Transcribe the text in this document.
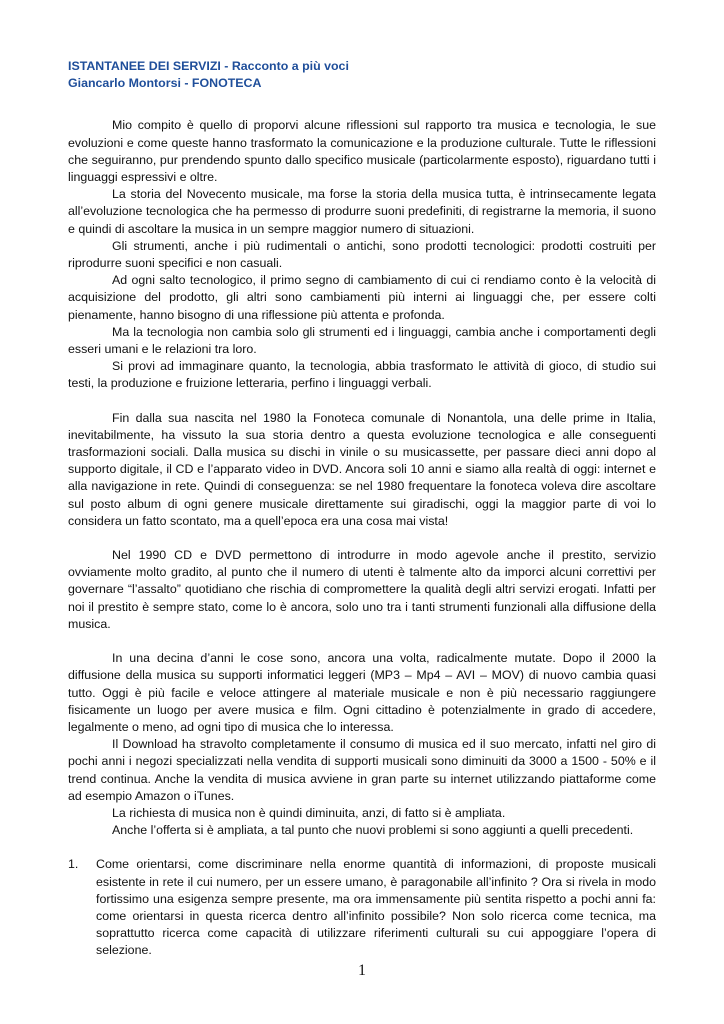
ISTANTANEE DEI SERVIZI - Racconto a più voci

Giancarlo Montorsi - FONOTECA

Mio compito è quello di proporvi alcune riflessioni sul rapporto tra musica e tecnologia, le sue evoluzioni e come queste hanno trasformato la comunicazione e la produzione culturale. Tutte le riflessioni che seguiranno, pur prendendo spunto dallo specifico musicale (particolarmente esposto), riguardano tutti i linguaggi espressivi e oltre.

La storia del Novecento musicale, ma forse la storia della musica tutta, è intrinsecamente legata all’evoluzione tecnologica che ha permesso di produrre suoni predefiniti, di registrarne la memoria, il suono e quindi di ascoltare la musica in un sempre maggior numero di situazioni.

Gli strumenti, anche i più rudimentali o antichi, sono prodotti tecnologici: prodotti costruiti per riprodurre suoni specifici e non casuali.

Ad ogni salto tecnologico, il primo segno di cambiamento di cui ci rendiamo conto è la velocità di acquisizione del prodotto, gli altri sono cambiamenti più interni ai linguaggi che, per essere colti pienamente, hanno bisogno di una riflessione più attenta e profonda.

Ma la tecnologia non cambia solo gli strumenti ed i linguaggi, cambia anche i comportamenti degli esseri umani e le relazioni tra loro.

Si provi ad immaginare quanto, la tecnologia, abbia trasformato le attività di gioco, di studio sui testi, la produzione e fruizione letteraria, perfino i linguaggi verbali.

Fin dalla sua nascita nel 1980 la Fonoteca comunale di Nonantola, una delle prime in Italia, inevitabilmente, ha vissuto la sua storia dentro a questa evoluzione tecnologica e alle conseguenti trasformazioni sociali. Dalla musica su dischi in vinile o su musicassette, per passare dieci anni dopo al supporto digitale, il CD e l’apparato video in DVD. Ancora soli 10 anni e siamo alla realtà di oggi: internet e alla navigazione in rete. Quindi di conseguenza: se nel 1980 frequentare la fonoteca voleva dire ascoltare sul posto album di ogni genere musicale direttamente sui giradischi, oggi la maggior parte di voi lo considera un fatto scontato, ma a quell’epoca era una cosa mai vista!

Nel 1990 CD e DVD permettono di introdurre in modo agevole anche il prestito, servizio ovviamente molto gradito, al punto che il numero di utenti è talmente alto da imporci alcuni correttivi per governare “l’assalto” quotidiano che rischia di compromettere la qualità degli altri servizi erogati. Infatti per noi il prestito è sempre stato, come lo è ancora, solo uno tra i tanti strumenti funzionali alla diffusione della musica.

In una decina d’anni le cose sono, ancora una volta, radicalmente mutate. Dopo il 2000 la diffusione della musica su supporti informatici leggeri (MP3 – Mp4 – AVI – MOV) di nuovo cambia quasi tutto. Oggi è più facile e veloce attingere al materiale musicale e non è più necessario raggiungere fisicamente un luogo per avere musica e film. Ogni cittadino è potenzialmente in grado di accedere, legalmente o meno, ad ogni tipo di musica che lo interessa.

Il Download ha stravolto completamente il consumo di musica ed il suo mercato, infatti nel giro di pochi anni i negozi specializzati nella vendita di supporti musicali sono diminuiti da 3000 a 1500 - 50% e il trend continua. Anche la vendita di musica avviene in gran parte su internet utilizzando piattaforme come ad esempio Amazon o iTunes.

La richiesta di musica non è quindi diminuita, anzi, di fatto si è ampliata.

Anche l’offerta si è ampliata, a tal punto che nuovi problemi si sono aggiunti a quelli precedenti.

1.	Come orientarsi, come discriminare nella enorme quantità di informazioni, di proposte musicali esistente in rete il cui numero, per un essere umano, è paragonabile all’infinito ? Ora si rivela in modo fortissimo una esigenza sempre presente, ma ora immensamente più sentita rispetto a pochi anni fa: come orientarsi in questa ricerca dentro all’infinito possibile? Non solo ricerca come tecnica, ma soprattutto ricerca come capacità di utilizzare riferimenti culturali su cui appoggiare l’opera di selezione.
1
